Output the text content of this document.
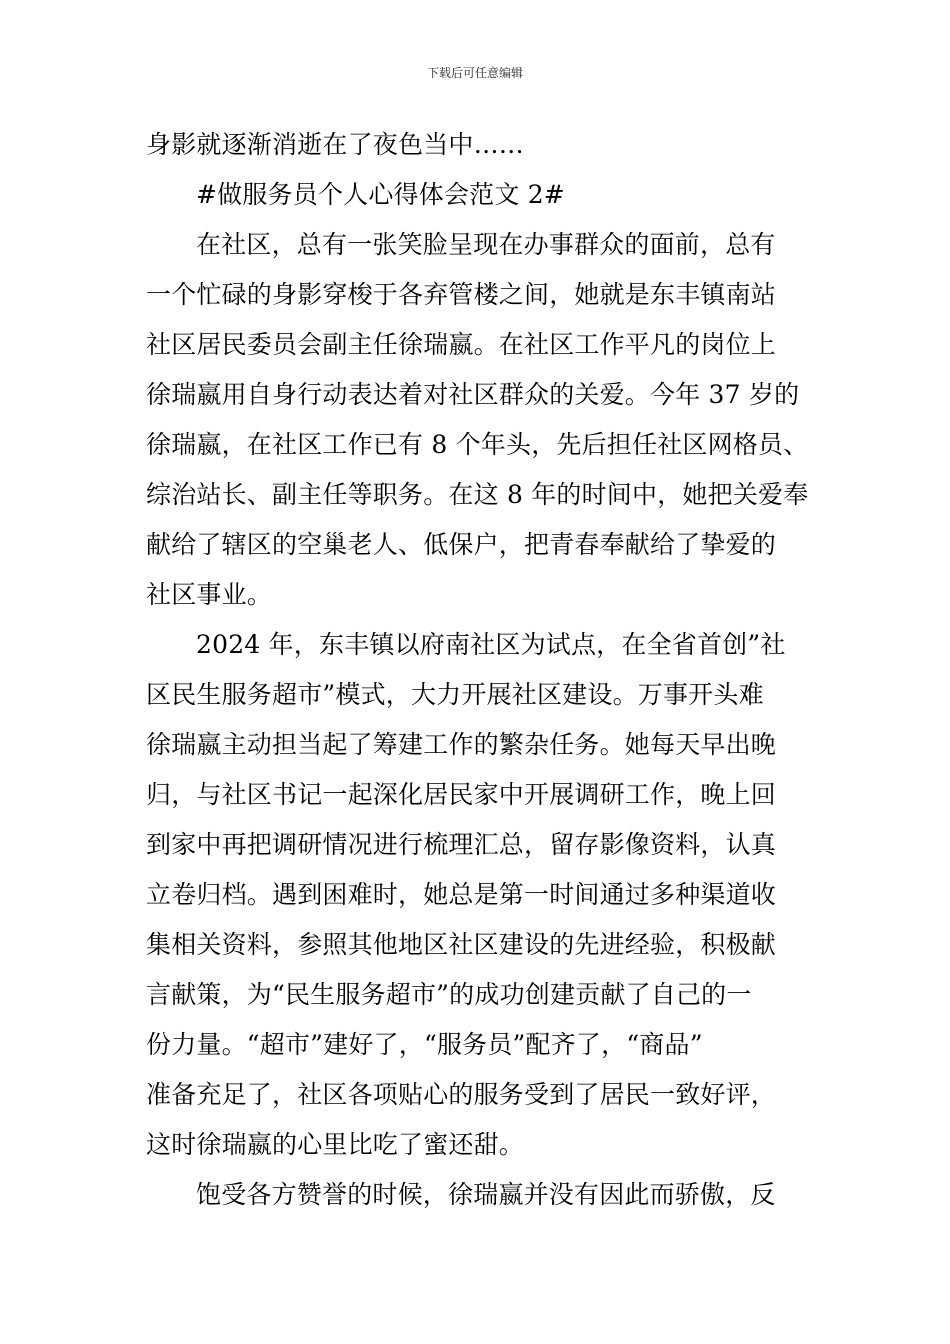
下载后可任意编辑
身影就逐渐消逝在了夜色当中……
#做服务员个人心得体会范文 2#
在社区，总有一张笑脸呈现在办事群众的面前，总有
一个忙碌的身影穿梭于各弃管楼之间，她就是东丰镇南站
社区居民委员会副主任徐瑞嬴。在社区工作平凡的岗位上
徐瑞嬴用自身行动表达着对社区群众的关爱。今年 37 岁的
徐瑞嬴，在社区工作已有 8 个年头，先后担任社区网格员、
综治站长、副主任等职务。在这 8 年的时间中，她把关爱奉
献给了辖区的空巢老人、低保户，把青春奉献给了挚爱的
社区事业。
2024 年，东丰镇以府南社区为试点，在全省首创”社
区民生服务超市”模式，大力开展社区建设。万事开头难
徐瑞嬴主动担当起了筹建工作的繁杂任务。她每天早出晚
归，与社区书记一起深化居民家中开展调研工作，晚上回
到家中再把调研情况进行梳理汇总，留存影像资料，认真
立卷归档。遇到困难时，她总是第一时间通过多种渠道收
集相关资料，参照其他地区社区建设的先进经验，积极献
言献策，为“民生服务超市”的成功创建贡献了自己的一
份力量。“超市”建好了，“服务员”配齐了，“商品”
准备充足了，社区各项贴心的服务受到了居民一致好评，
这时徐瑞嬴的心里比吃了蜜还甜。
饱受各方赞誉的时候，徐瑞嬴并没有因此而骄傲，反
